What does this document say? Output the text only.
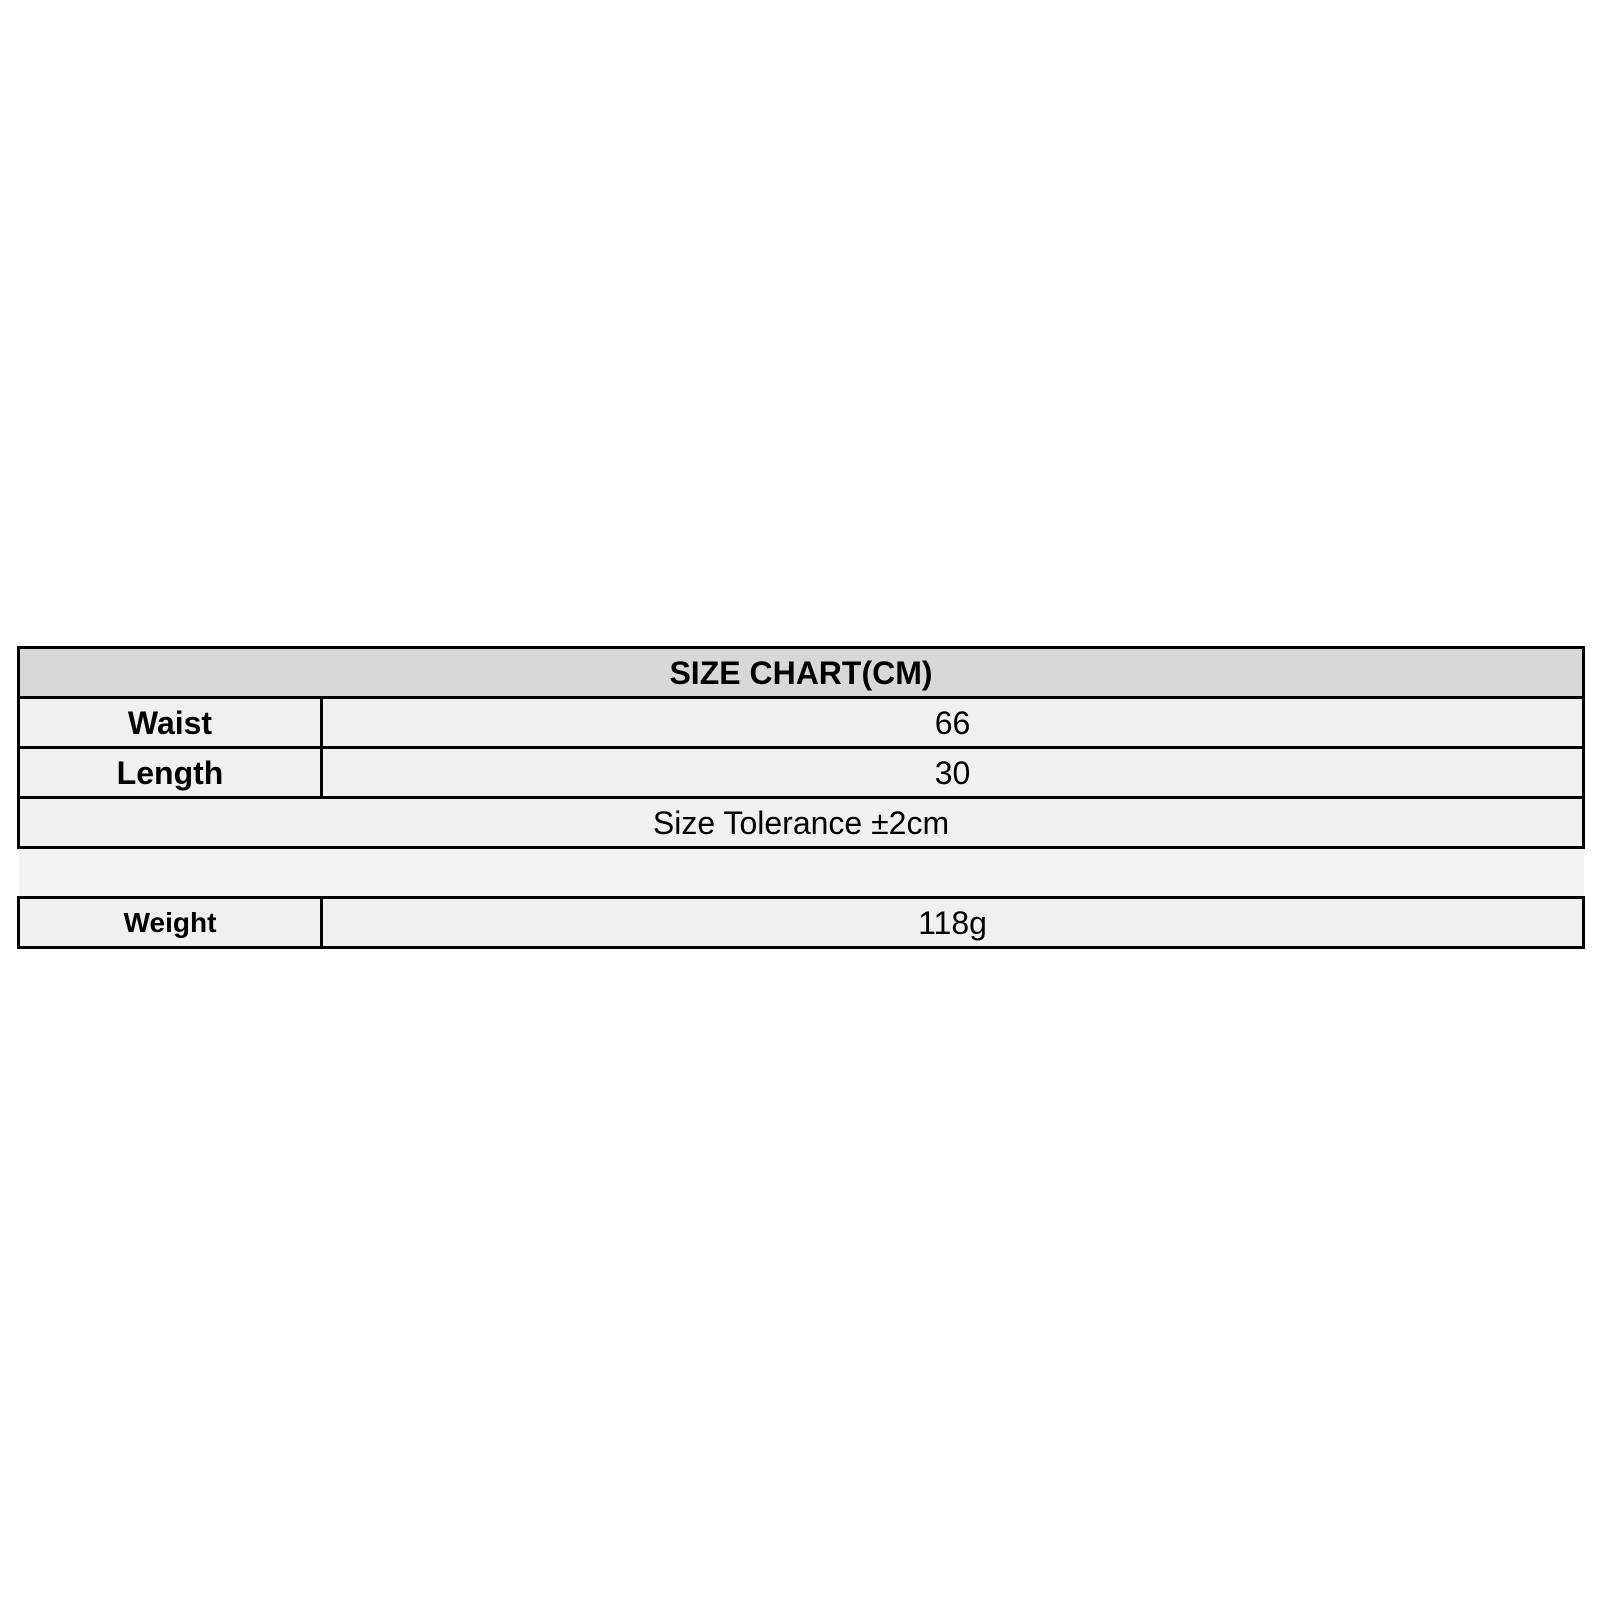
SIZE CHART(CM)	
Waist	66
Length	30
Size Tolerance ±2cm	

Weight	118g
